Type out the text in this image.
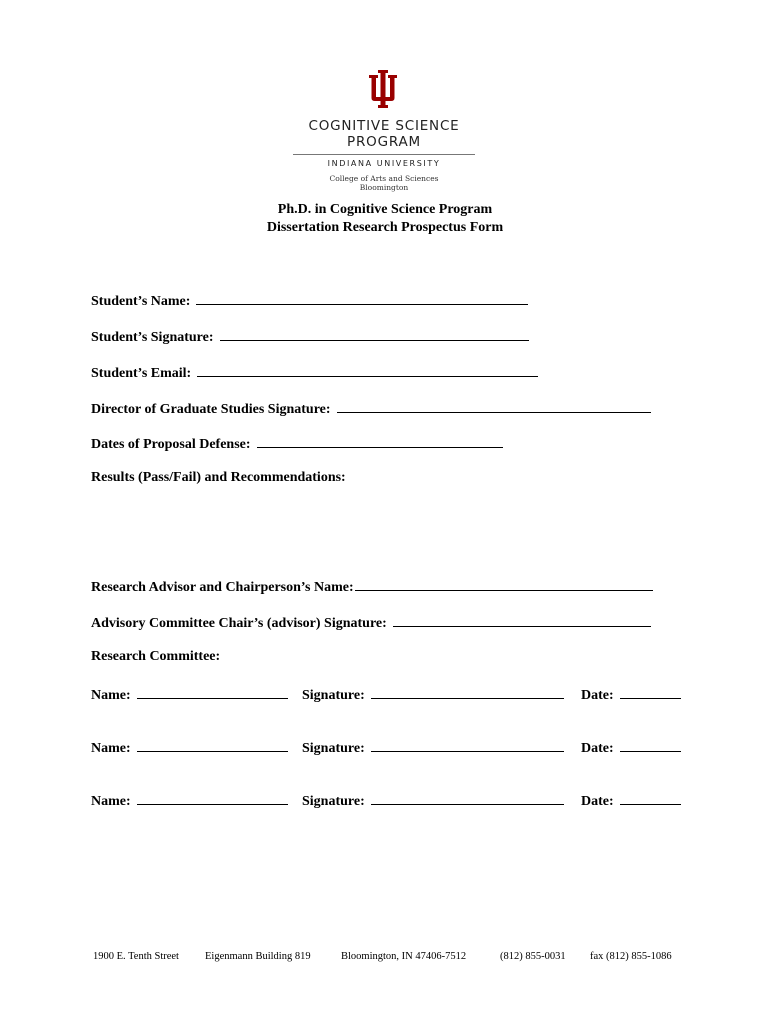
COGNITIVE SCIENCE
PROGRAM
INDIANA UNIVERSITY
College of Arts and Sciences
Bloomington
Ph.D. in Cognitive Science Program
Dissertation Research Prospectus Form
Student’s Name:
Student’s Signature:
Student’s Email:
Director of Graduate Studies Signature:
Dates of Proposal Defense:
Results (Pass/Fail) and Recommendations:
Research Advisor and Chairperson’s Name:
Advisory Committee Chair’s (advisor) Signature:
Research Committee:
Name:	Signature:	Date:
Name:	Signature:	Date:
Name:	Signature:	Date:
1900 E. Tenth Street Eigenmann Building 819	Bloomington, IN 47406-7512	(812) 855-0031 fax (812) 855-1086
